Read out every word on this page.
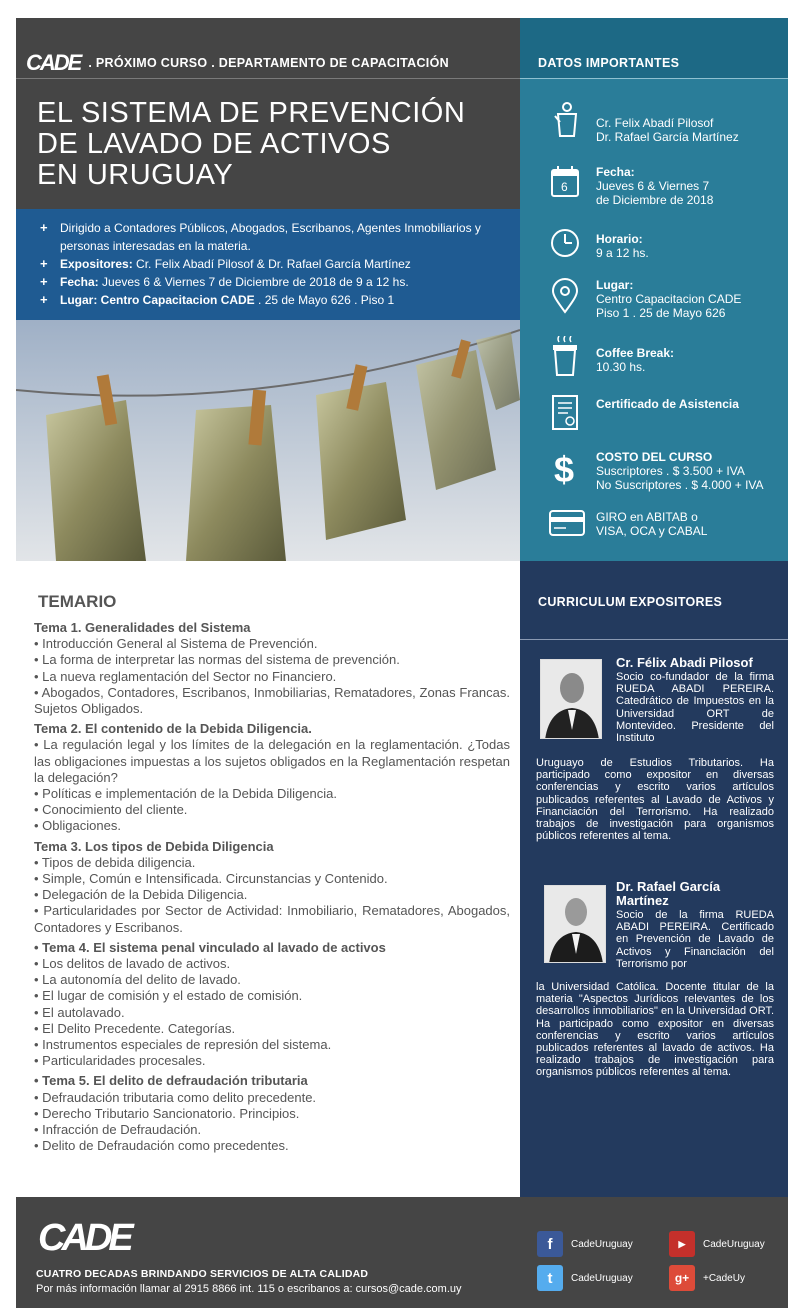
CADE . PRÓXIMO CURSO . DEPARTAMENTO DE CAPACITACIÓN
EL SISTEMA DE PREVENCIÓN
DE LAVADO DE ACTIVOS
EN URUGUAY
+ Dirigido a Contadores Públicos, Abogados, Escribanos, Agentes Inmobiliarios y personas interesadas en la materia.
+ Expositores: Cr. Felix Abadí Pilosof & Dr. Rafael García Martínez
+ Fecha: Jueves 6 & Viernes 7 de Diciembre de 2018 de 9 a 12 hs.
+ Lugar: Centro Capacitacion CADE . 25 de Mayo 626 . Piso 1
DATOS IMPORTANTES
Cr. Felix Abadí Pilosof
Dr. Rafael García Martínez
6
Fecha:
Jueves 6 & Viernes 7
de Diciembre de 2018
Horario:
9 a 12 hs.
Lugar:
Centro Capacitacion CADE
Piso 1 . 25 de Mayo 626
Coffee Break:
10.30 hs.
Certificado de Asistencia
$	COSTO DEL CURSO
Suscriptores . $ 3.500 + IVA
No Suscriptores . $ 4.000 + IVA
GIRO en ABITAB o
VISA, OCA y CABAL
TEMARIO
Tema 1. Generalidades del Sistema
• Introducción General al Sistema de Prevención.
• La forma de interpretar las normas del sistema de prevención.
• La nueva reglamentación del Sector no Financiero.
• Abogados, Contadores, Escribanos, Inmobiliarias, Rematadores, Zonas Francas. Sujetos Obligados.
Tema 2. El contenido de la Debida Diligencia.
• La regulación legal y los límites de la delegación en la reglamentación. ¿Todas las obligaciones impuestas a los sujetos obligados en la Reglamentación respetan la delegación?
• Políticas e implementación de la Debida Diligencia.
• Conocimiento del cliente.
• Obligaciones.
Tema 3. Los tipos de Debida Diligencia
• Tipos de debida diligencia.
• Simple, Común e Intensificada. Circunstancias y Contenido.
• Delegación de la Debida Diligencia.
• Particularidades por Sector de Actividad: Inmobiliario, Rematadores, Abogados, Contadores y Escribanos.
• Tema 4. El sistema penal vinculado al lavado de activos
• Los delitos de lavado de activos.
• La autonomía del delito de lavado.
• El lugar de comisión y el estado de comisión.
• El autolavado.
• El Delito Precedente. Categorías.
• Instrumentos especiales de represión del sistema.
• Particularidades procesales.
• Tema 5. El delito de defraudación tributaria
• Defraudación tributaria como delito precedente.
• Derecho Tributario Sancionatorio. Principios.
• Infracción de Defraudación.
• Delito de Defraudación como precedentes.
CURRICULUM EXPOSITORES
Cr. Félix Abadi Pilosof
Socio co-fundador de la firma RUEDA ABADI PEREIRA. Catedrático de Impuestos en la Universidad ORT de Montevideo. Presidente del Instituto
Uruguayo de Estudios Tributarios. Ha participado como expositor en diversas conferencias y escrito varios artículos publicados referentes al Lavado de Activos y Financiación del Terrorismo. Ha realizado trabajos de investigación para organismos públicos referentes al tema.
Dr. Rafael García Martínez
Socio de la firma RUEDA ABADI PEREIRA. Certificado en Prevención de Lavado de Activos y Financiación del Terrorismo por
la Universidad Católica. Docente titular de la materia "Aspectos Jurídicos relevantes de los desarrollos inmobiliarios" en la Universidad ORT. Ha participado como expositor en diversas conferencias y escrito varios artículos publicados referentes al lavado de activos. Ha realizado trabajos de investigación para organismos públicos referentes al tema.
CADE
CUATRO DECADAS BRINDANDO SERVICIOS DE ALTA CALIDAD
Por más información llamar al 2915 8866 int. 115 o escribanos a: cursos@cade.com.uy
f	CadeUruguay	▶	CadeUruguay
t	CadeUruguay	g+	+CadeUy
